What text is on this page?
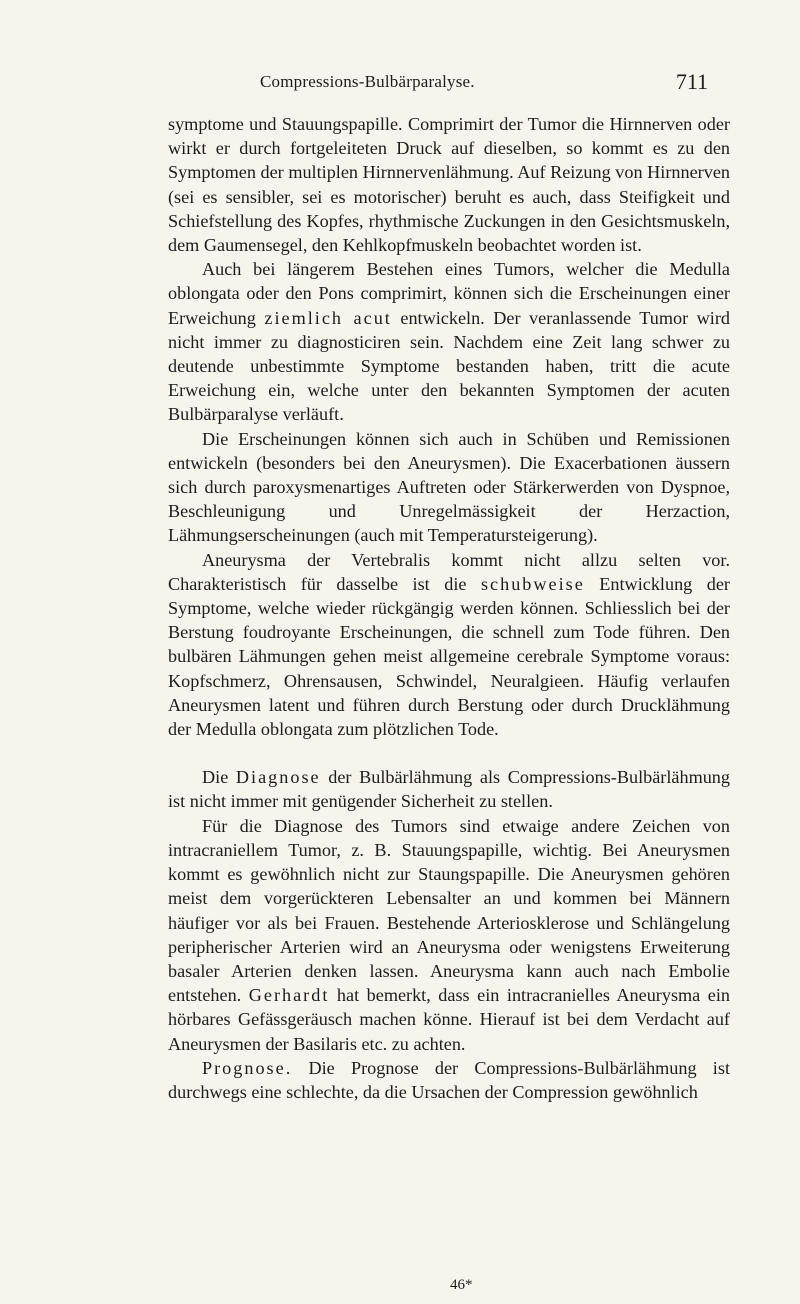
Compressions-Bulbärparalyse.	711

symptome und Stauungspapille. Comprimirt der Tumor die Hirnnerven oder wirkt er durch fortgeleiteten Druck auf dieselben, so kommt es zu den Symptomen der multiplen Hirnnervenlähmung. Auf Reizung von Hirnnerven (sei es sensibler, sei es motorischer) beruht es auch, dass Steifigkeit und Schiefstellung des Kopfes, rhythmische Zuckungen in den Gesichtsmuskeln, dem Gaumensegel, den Kehlkopfmuskeln beobachtet worden ist.

Auch bei längerem Bestehen eines Tumors, welcher die Medulla oblongata oder den Pons comprimirt, können sich die Erscheinungen einer Erweichung ziemlich acut entwickeln. Der veranlassende Tumor wird nicht immer zu diagnosticiren sein. Nachdem eine Zeit lang schwer zu deutende unbestimmte Symptome bestanden haben, tritt die acute Erweichung ein, welche unter den bekannten Symptomen der acuten Bulbärparalyse verläuft.

Die Erscheinungen können sich auch in Schüben und Remissionen entwickeln (besonders bei den Aneurysmen). Die Exacerbationen äussern sich durch paroxysmenartiges Auftreten oder Stärkerwerden von Dyspnoe, Beschleunigung und Unregelmässigkeit der Herzaction, Lähmungserscheinungen (auch mit Temperatursteigerung).

Aneurysma der Vertebralis kommt nicht allzu selten vor. Charakteristisch für dasselbe ist die schubweise Entwicklung der Symptome, welche wieder rückgängig werden können. Schliesslich bei der Berstung foudroyante Erscheinungen, die schnell zum Tode führen. Den bulbären Lähmungen gehen meist allgemeine cerebrale Symptome voraus: Kopfschmerz, Ohrensausen, Schwindel, Neuralgieen. Häufig verlaufen Aneurysmen latent und führen durch Berstung oder durch Drucklähmung der Medulla oblongata zum plötzlichen Tode.

Die Diagnose der Bulbärlähmung als Compressions-Bulbärlähmung ist nicht immer mit genügender Sicherheit zu stellen.

Für die Diagnose des Tumors sind etwaige andere Zeichen von intracraniellem Tumor, z. B. Stauungspapille, wichtig. Bei Aneurysmen kommt es gewöhnlich nicht zur Staungspapille. Die Aneurysmen gehören meist dem vorgerückteren Lebensalter an und kommen bei Männern häufiger vor als bei Frauen. Bestehende Arteriosklerose und Schlängelung peripherischer Arterien wird an Aneurysma oder wenigstens Erweiterung basaler Arterien denken lassen. Aneurysma kann auch nach Embolie entstehen. Gerhardt hat bemerkt, dass ein intracranielles Aneurysma ein hörbares Gefässgeräusch machen könne. Hierauf ist bei dem Verdacht auf Aneurysmen der Basilaris etc. zu achten.

Prognose. Die Prognose der Compressions-Bulbärlähmung ist durchwegs eine schlechte, da die Ursachen der Compression gewöhnlich

46*
